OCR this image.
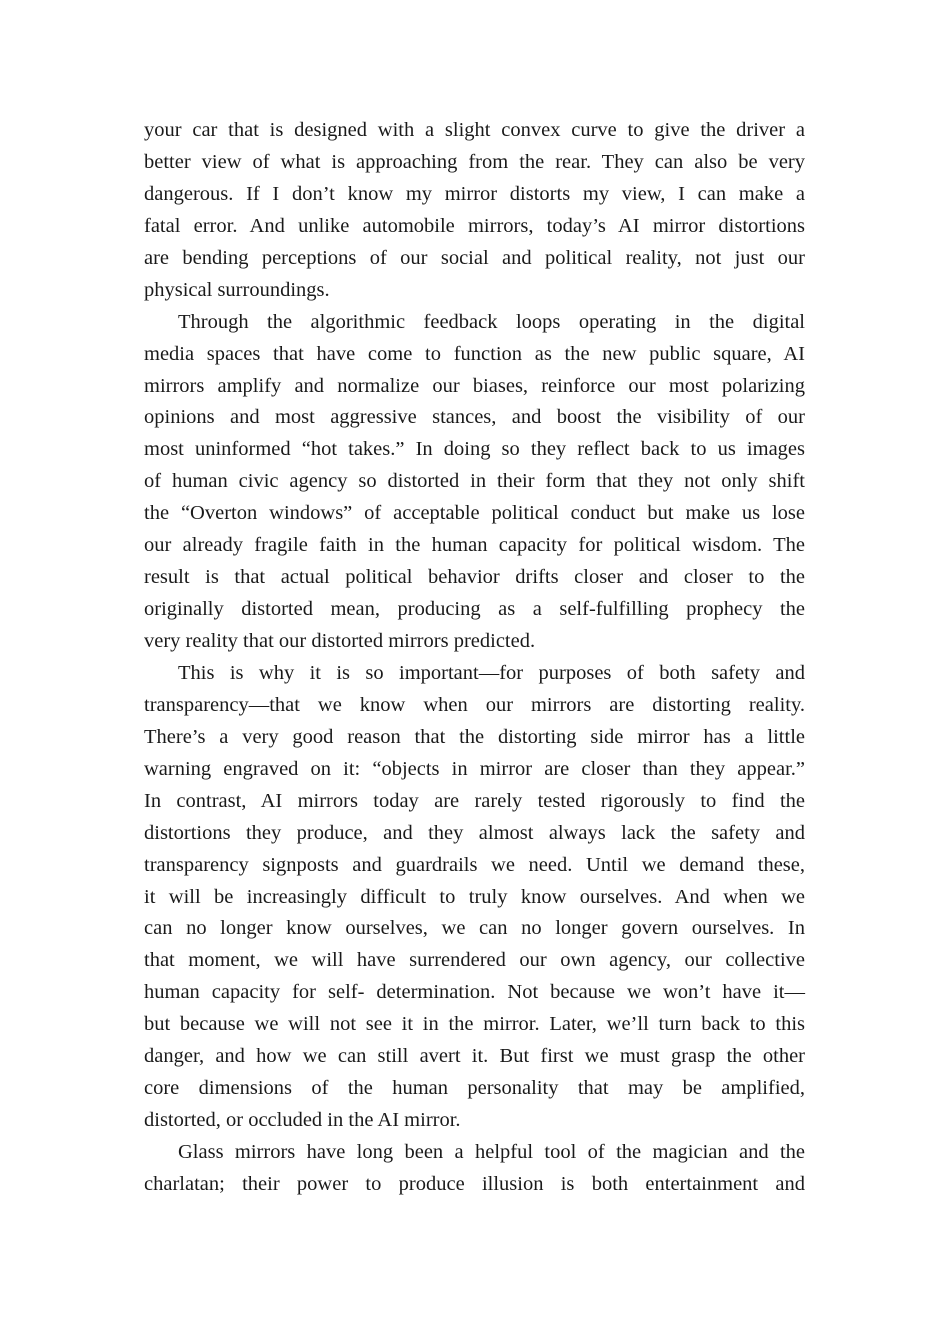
your car that is designed with a slight convex curve to give the driver a
better view of what is approaching from the rear. They can also be very
dangerous. If I don’t know my mirror distorts my view, I can make a
fatal error. And unlike automobile mirrors, today’s AI mirror distortions
are bending perceptions of our social and political reality, not just our
physical surroundings.
Through the algorithmic feedback loops operating in the digital
media spaces that have come to function as the new public square, AI
mirrors amplify and normalize our biases, reinforce our most polarizing
opinions and most aggressive stances, and boost the visibility of our
most uninformed “hot takes.” In doing so they reflect back to us images
of human civic agency so distorted in their form that they not only shift
the “Overton windows” of acceptable political conduct but make us lose
our already fragile faith in the human capacity for political wisdom. The
result is that actual political behavior drifts closer and closer to the
originally distorted mean, producing as a self-fulfilling prophecy the
very reality that our distorted mirrors predicted.
This is why it is so important—for purposes of both safety and
transparency—that we know when our mirrors are distorting reality.
There’s a very good reason that the distorting side mirror has a little
warning engraved on it: “objects in mirror are closer than they appear.”
In contrast, AI mirrors today are rarely tested rigorously to find the
distortions they produce, and they almost always lack the safety and
transparency signposts and guardrails we need. Until we demand these,
it will be increasingly difficult to truly know ourselves. And when we
can no longer know ourselves, we can no longer govern ourselves. In
that moment, we will have surrendered our own agency, our collective
human capacity for self- determination. Not because we won’t have it—
but because we will not see it in the mirror. Later, we’ll turn back to this
danger, and how we can still avert it. But first we must grasp the other
core dimensions of the human personality that may be amplified,
distorted, or occluded in the AI mirror.
Glass mirrors have long been a helpful tool of the magician and the
charlatan; their power to produce illusion is both entertainment and
